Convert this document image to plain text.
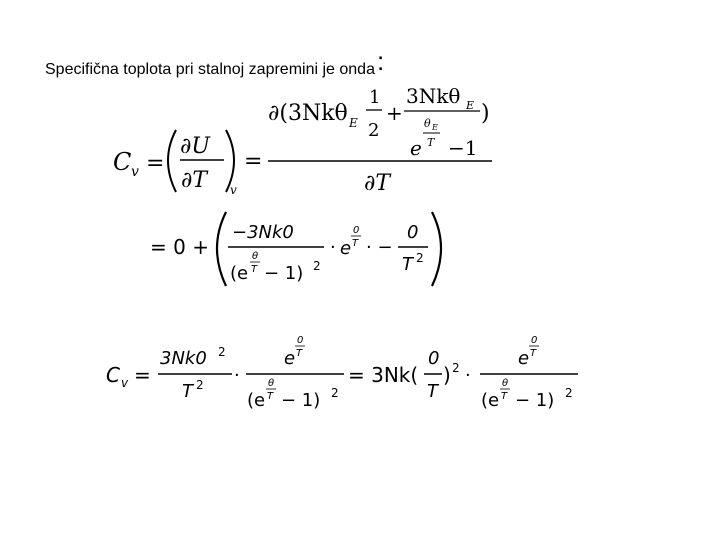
Specifična toplota pri stalnoj zapremini je onda:
C v =
∂U
∂T v
=
∂(3Nkθ E
1
2
+
3Nkθ E
θ E
T
e −1
)
∂T
= 0 +
−3Nk0
(e
θ
T − 1) 2
· e
0
T · −
0
T 2
C v =
3Nk0 2
T 2 ·
e
0
T
(e
θ
T − 1) 2
= 3Nk(
0
T
) 2 ·
e
0
T
(e
θ
T − 1) 2
